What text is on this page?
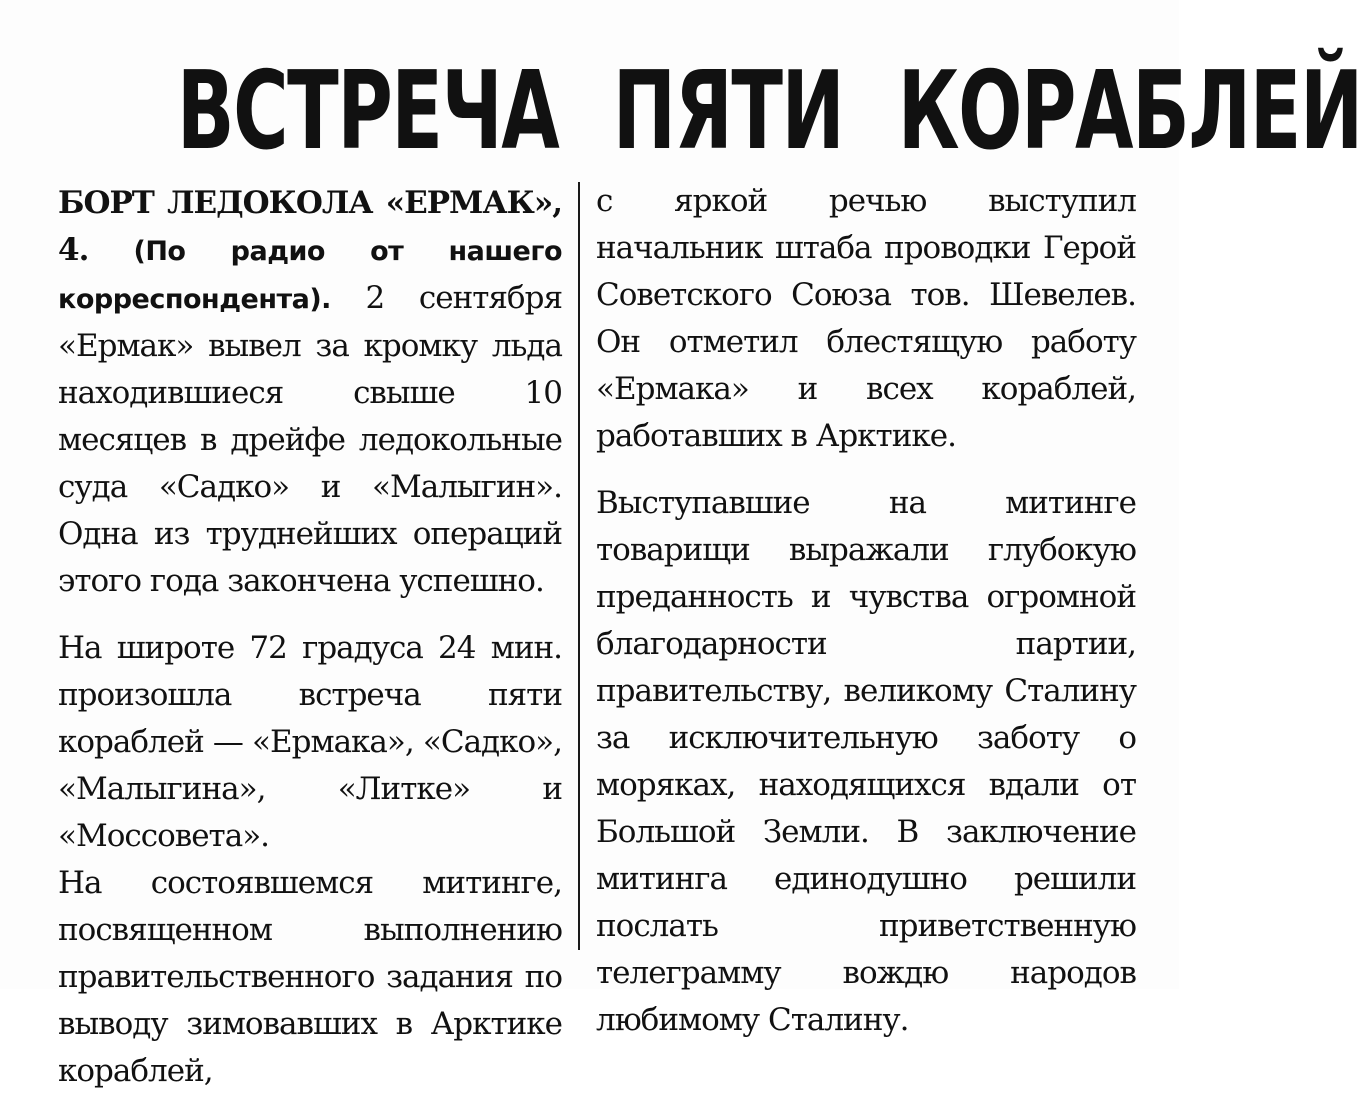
ВСТРЕЧА ПЯТИ КОРАБЛЕЙ

БОРТ ЛЕДОКОЛА «ЕРМАК», 4. (По радио от нашего корреспондента). 2 сентября «Ермак» вывел за кромку льда находившиеся свыше 10 месяцев в дрейфе ледокольные суда «Садко» и «Малыгин». Одна из труднейших операций этого года закончена успешно.

На широте 72 градуса 24 мин. произошла встреча пяти кораблей — «Ермака», «Садко», «Малыгина», «Литке» и «Моссовета».

На состоявшемся митинге, посвященном выполнению правительственного задания по выводу зимовавших в Арктике кораблей,

с яркой речью выступил начальник штаба проводки Герой Советского Союза тов. Шевелев. Он отметил блестящую работу «Ермака» и всех кораблей, работавших в Арктике.

Выступавшие на митинге товарищи выражали глубокую преданность и чувства огромной благодарности партии, правительству, великому Сталину за исключительную заботу о моряках, находящихся вдали от Большой Земли. В заключение митинга единодушно решили послать приветственную телеграмму вождю народов любимому Сталину.
